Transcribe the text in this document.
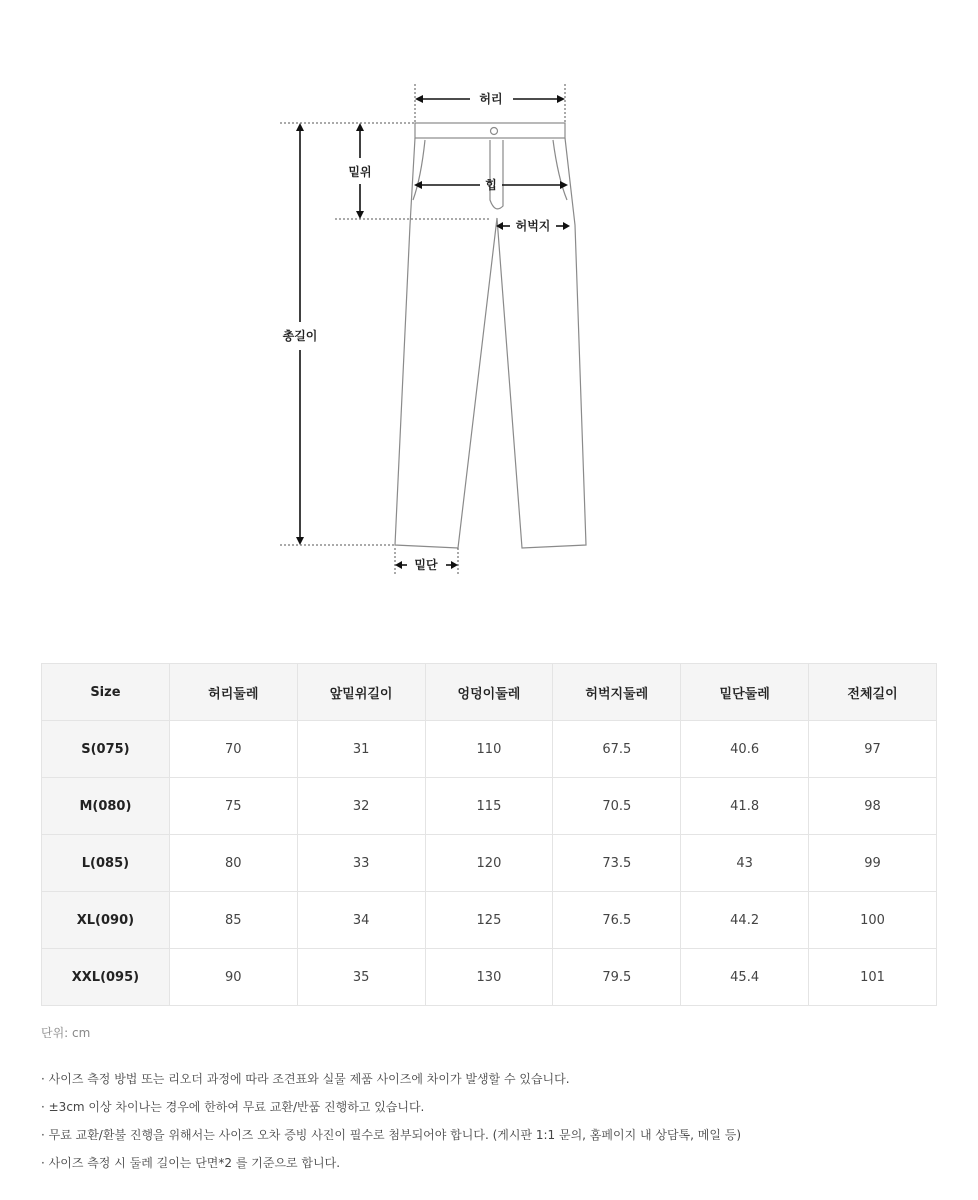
허리
밑위
힙
허벅지
총길이
밑단
Size	허리둘레	앞밑위길이	엉덩이둘레	허벅지둘레	밑단둘레	전체길이
S(075)	70	31	110	67.5	40.6	97
M(080)	75	32	115	70.5	41.8	98
L(085)	80	33	120	73.5	43	99
XL(090)	85	34	125	76.5	44.2	100
XXL(095)	90	35	130	79.5	45.4	101
단위: cm
· 사이즈 측정 방법 또는 리오더 과정에 따라 조견표와 실물 제품 사이즈에 차이가 발생할 수 있습니다.
· ±3cm 이상 차이나는 경우에 한하여 무료 교환/반품 진행하고 있습니다.
· 무료 교환/환불 진행을 위해서는 사이즈 오차 증빙 사진이 필수로 첨부되어야 합니다. (게시판 1:1 문의, 홈페이지 내 상담톡, 메일 등)
· 사이즈 측정 시 둘레 길이는 단면*2 를 기준으로 합니다.
